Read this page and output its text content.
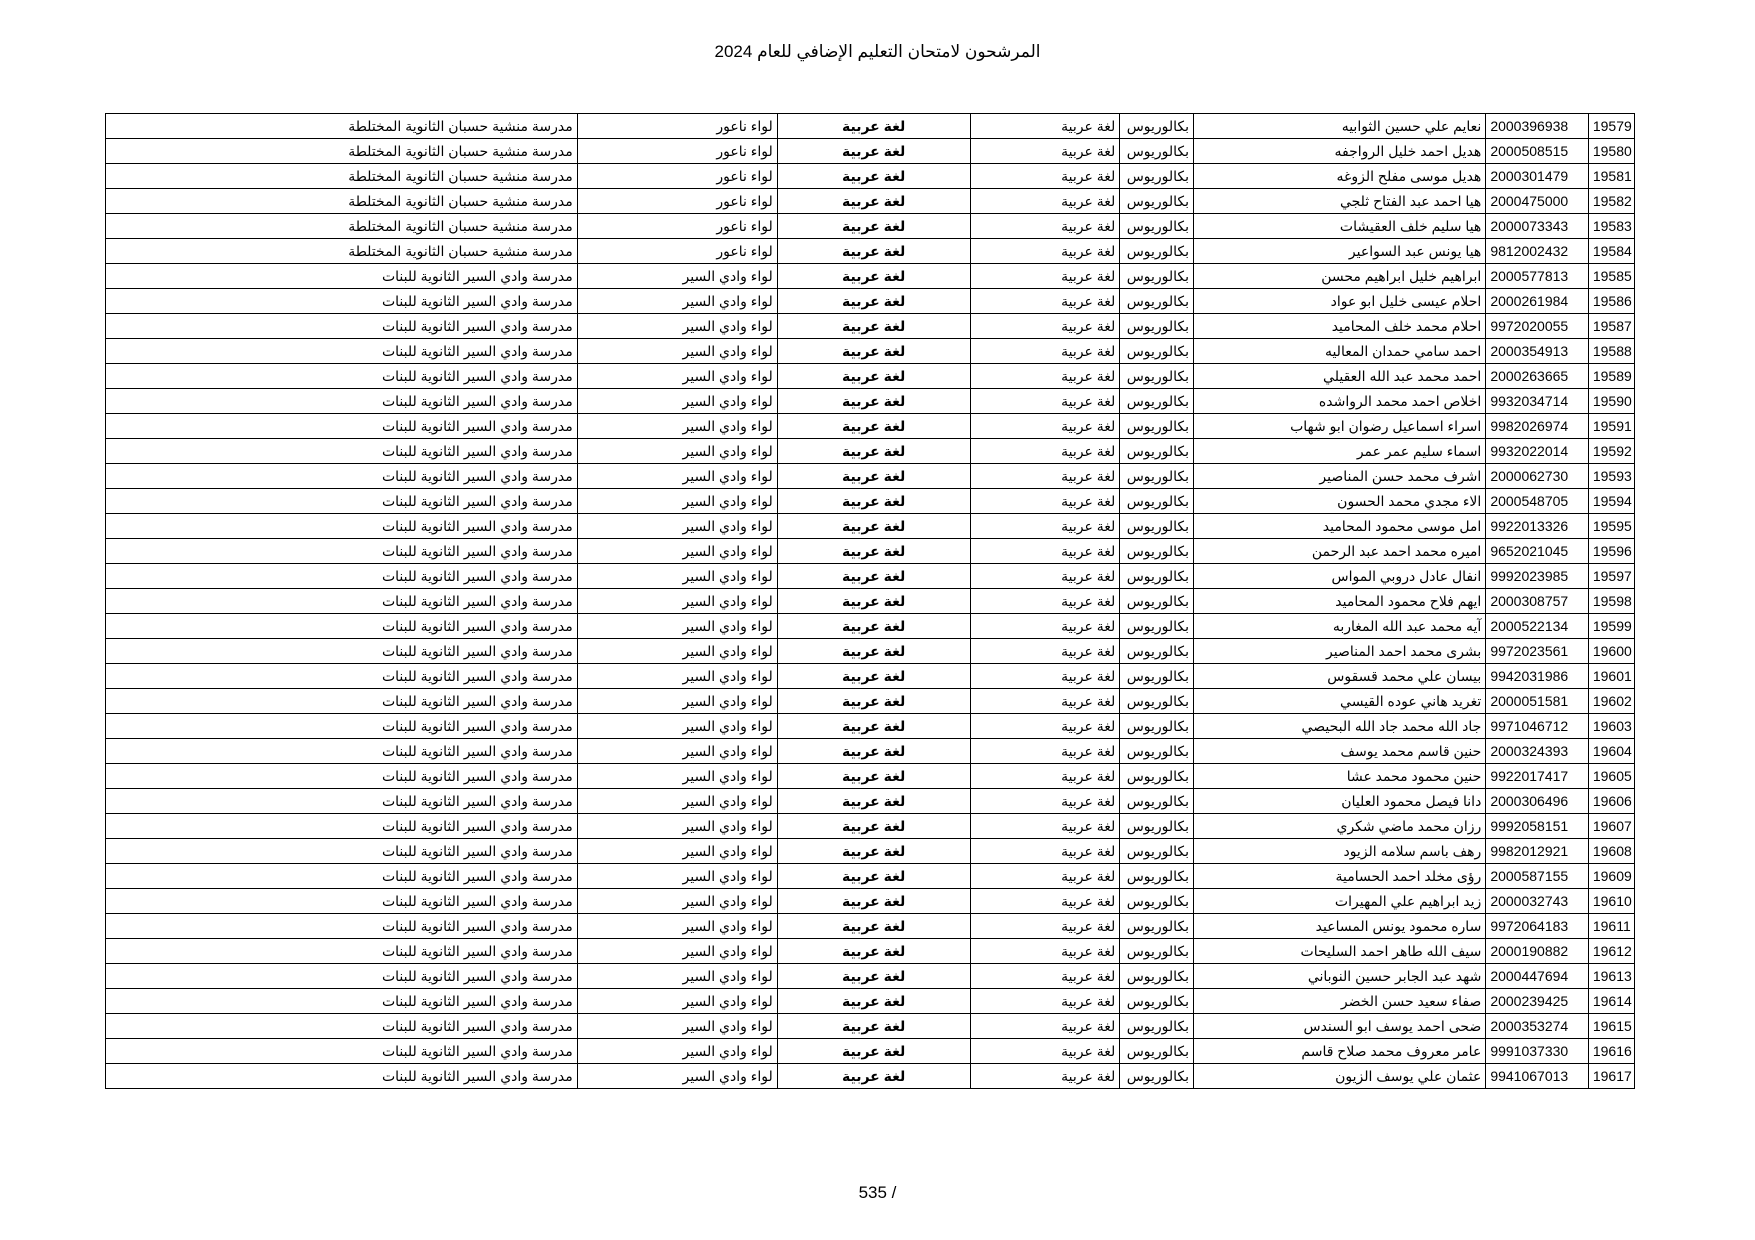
المرشحون لامتحان التعليم الإضافي للعام 2024
19579	2000396938	نعايم علي حسين الثوابيه	بكالوريوس	لغة عربية	لغة عربية	لواء ناعور	مدرسة منشية حسبان الثانوية المختلطة
19580	2000508515	هديل احمد خليل الرواجفه	بكالوريوس	لغة عربية	لغة عربية	لواء ناعور	مدرسة منشية حسبان الثانوية المختلطة
19581	2000301479	هديل موسى مفلح الزوغه	بكالوريوس	لغة عربية	لغة عربية	لواء ناعور	مدرسة منشية حسبان الثانوية المختلطة
19582	2000475000	هيا احمد عبد الفتاح ثلجي	بكالوريوس	لغة عربية	لغة عربية	لواء ناعور	مدرسة منشية حسبان الثانوية المختلطة
19583	2000073343	هيا سليم خلف العقيشات	بكالوريوس	لغة عربية	لغة عربية	لواء ناعور	مدرسة منشية حسبان الثانوية المختلطة
19584	9812002432	هيا يونس عبد السواعير	بكالوريوس	لغة عربية	لغة عربية	لواء ناعور	مدرسة منشية حسبان الثانوية المختلطة
19585	2000577813	ابراهيم خليل ابراهيم محسن	بكالوريوس	لغة عربية	لغة عربية	لواء وادي السير	مدرسة وادي السير الثانوية للبنات
19586	2000261984	احلام عيسى خليل ابو عواد	بكالوريوس	لغة عربية	لغة عربية	لواء وادي السير	مدرسة وادي السير الثانوية للبنات
19587	9972020055	احلام محمد خلف المحاميد	بكالوريوس	لغة عربية	لغة عربية	لواء وادي السير	مدرسة وادي السير الثانوية للبنات
19588	2000354913	احمد سامي حمدان المعاليه	بكالوريوس	لغة عربية	لغة عربية	لواء وادي السير	مدرسة وادي السير الثانوية للبنات
19589	2000263665	احمد محمد عبد الله العقيلي	بكالوريوس	لغة عربية	لغة عربية	لواء وادي السير	مدرسة وادي السير الثانوية للبنات
19590	9932034714	اخلاص احمد محمد الرواشده	بكالوريوس	لغة عربية	لغة عربية	لواء وادي السير	مدرسة وادي السير الثانوية للبنات
19591	9982026974	اسراء اسماعيل رضوان ابو شهاب	بكالوريوس	لغة عربية	لغة عربية	لواء وادي السير	مدرسة وادي السير الثانوية للبنات
19592	9932022014	اسماء سليم عمر عمر	بكالوريوس	لغة عربية	لغة عربية	لواء وادي السير	مدرسة وادي السير الثانوية للبنات
19593	2000062730	اشرف محمد حسن المناصير	بكالوريوس	لغة عربية	لغة عربية	لواء وادي السير	مدرسة وادي السير الثانوية للبنات
19594	2000548705	الاء مجدي محمد الحسون	بكالوريوس	لغة عربية	لغة عربية	لواء وادي السير	مدرسة وادي السير الثانوية للبنات
19595	9922013326	امل موسى محمود المحاميد	بكالوريوس	لغة عربية	لغة عربية	لواء وادي السير	مدرسة وادي السير الثانوية للبنات
19596	9652021045	اميره محمد احمد عبد الرحمن	بكالوريوس	لغة عربية	لغة عربية	لواء وادي السير	مدرسة وادي السير الثانوية للبنات
19597	9992023985	انفال عادل دروبي المواس	بكالوريوس	لغة عربية	لغة عربية	لواء وادي السير	مدرسة وادي السير الثانوية للبنات
19598	2000308757	ايهم فلاح محمود المحاميد	بكالوريوس	لغة عربية	لغة عربية	لواء وادي السير	مدرسة وادي السير الثانوية للبنات
19599	2000522134	آيه محمد عبد الله المغاربه	بكالوريوس	لغة عربية	لغة عربية	لواء وادي السير	مدرسة وادي السير الثانوية للبنات
19600	9972023561	بشرى محمد احمد المناصير	بكالوريوس	لغة عربية	لغة عربية	لواء وادي السير	مدرسة وادي السير الثانوية للبنات
19601	9942031986	بيسان علي محمد قسقوس	بكالوريوس	لغة عربية	لغة عربية	لواء وادي السير	مدرسة وادي السير الثانوية للبنات
19602	2000051581	تغريد هاني عوده القيسي	بكالوريوس	لغة عربية	لغة عربية	لواء وادي السير	مدرسة وادي السير الثانوية للبنات
19603	9971046712	جاد الله محمد جاد الله البحيصي	بكالوريوس	لغة عربية	لغة عربية	لواء وادي السير	مدرسة وادي السير الثانوية للبنات
19604	2000324393	حنين قاسم محمد يوسف	بكالوريوس	لغة عربية	لغة عربية	لواء وادي السير	مدرسة وادي السير الثانوية للبنات
19605	9922017417	حنين محمود محمد عشا	بكالوريوس	لغة عربية	لغة عربية	لواء وادي السير	مدرسة وادي السير الثانوية للبنات
19606	2000306496	دانا فيصل محمود العليان	بكالوريوس	لغة عربية	لغة عربية	لواء وادي السير	مدرسة وادي السير الثانوية للبنات
19607	9992058151	رزان محمد ماضي شكري	بكالوريوس	لغة عربية	لغة عربية	لواء وادي السير	مدرسة وادي السير الثانوية للبنات
19608	9982012921	رهف باسم سلامه الزيود	بكالوريوس	لغة عربية	لغة عربية	لواء وادي السير	مدرسة وادي السير الثانوية للبنات
19609	2000587155	رؤى مخلد احمد الحسامية	بكالوريوس	لغة عربية	لغة عربية	لواء وادي السير	مدرسة وادي السير الثانوية للبنات
19610	2000032743	زيد ابراهيم علي المهيرات	بكالوريوس	لغة عربية	لغة عربية	لواء وادي السير	مدرسة وادي السير الثانوية للبنات
19611	9972064183	ساره محمود يونس المساعيد	بكالوريوس	لغة عربية	لغة عربية	لواء وادي السير	مدرسة وادي السير الثانوية للبنات
19612	2000190882	سيف الله طاهر احمد السليحات	بكالوريوس	لغة عربية	لغة عربية	لواء وادي السير	مدرسة وادي السير الثانوية للبنات
19613	2000447694	شهد عبد الجابر حسين النوباني	بكالوريوس	لغة عربية	لغة عربية	لواء وادي السير	مدرسة وادي السير الثانوية للبنات
19614	2000239425	صفاء سعيد حسن الخضر	بكالوريوس	لغة عربية	لغة عربية	لواء وادي السير	مدرسة وادي السير الثانوية للبنات
19615	2000353274	ضحى احمد يوسف ابو السندس	بكالوريوس	لغة عربية	لغة عربية	لواء وادي السير	مدرسة وادي السير الثانوية للبنات
19616	9991037330	عامر معروف محمد صلاح قاسم	بكالوريوس	لغة عربية	لغة عربية	لواء وادي السير	مدرسة وادي السير الثانوية للبنات
19617	9941067013	عثمان علي يوسف الزيون	بكالوريوس	لغة عربية	لغة عربية	لواء وادي السير	مدرسة وادي السير الثانوية للبنات
535 /
